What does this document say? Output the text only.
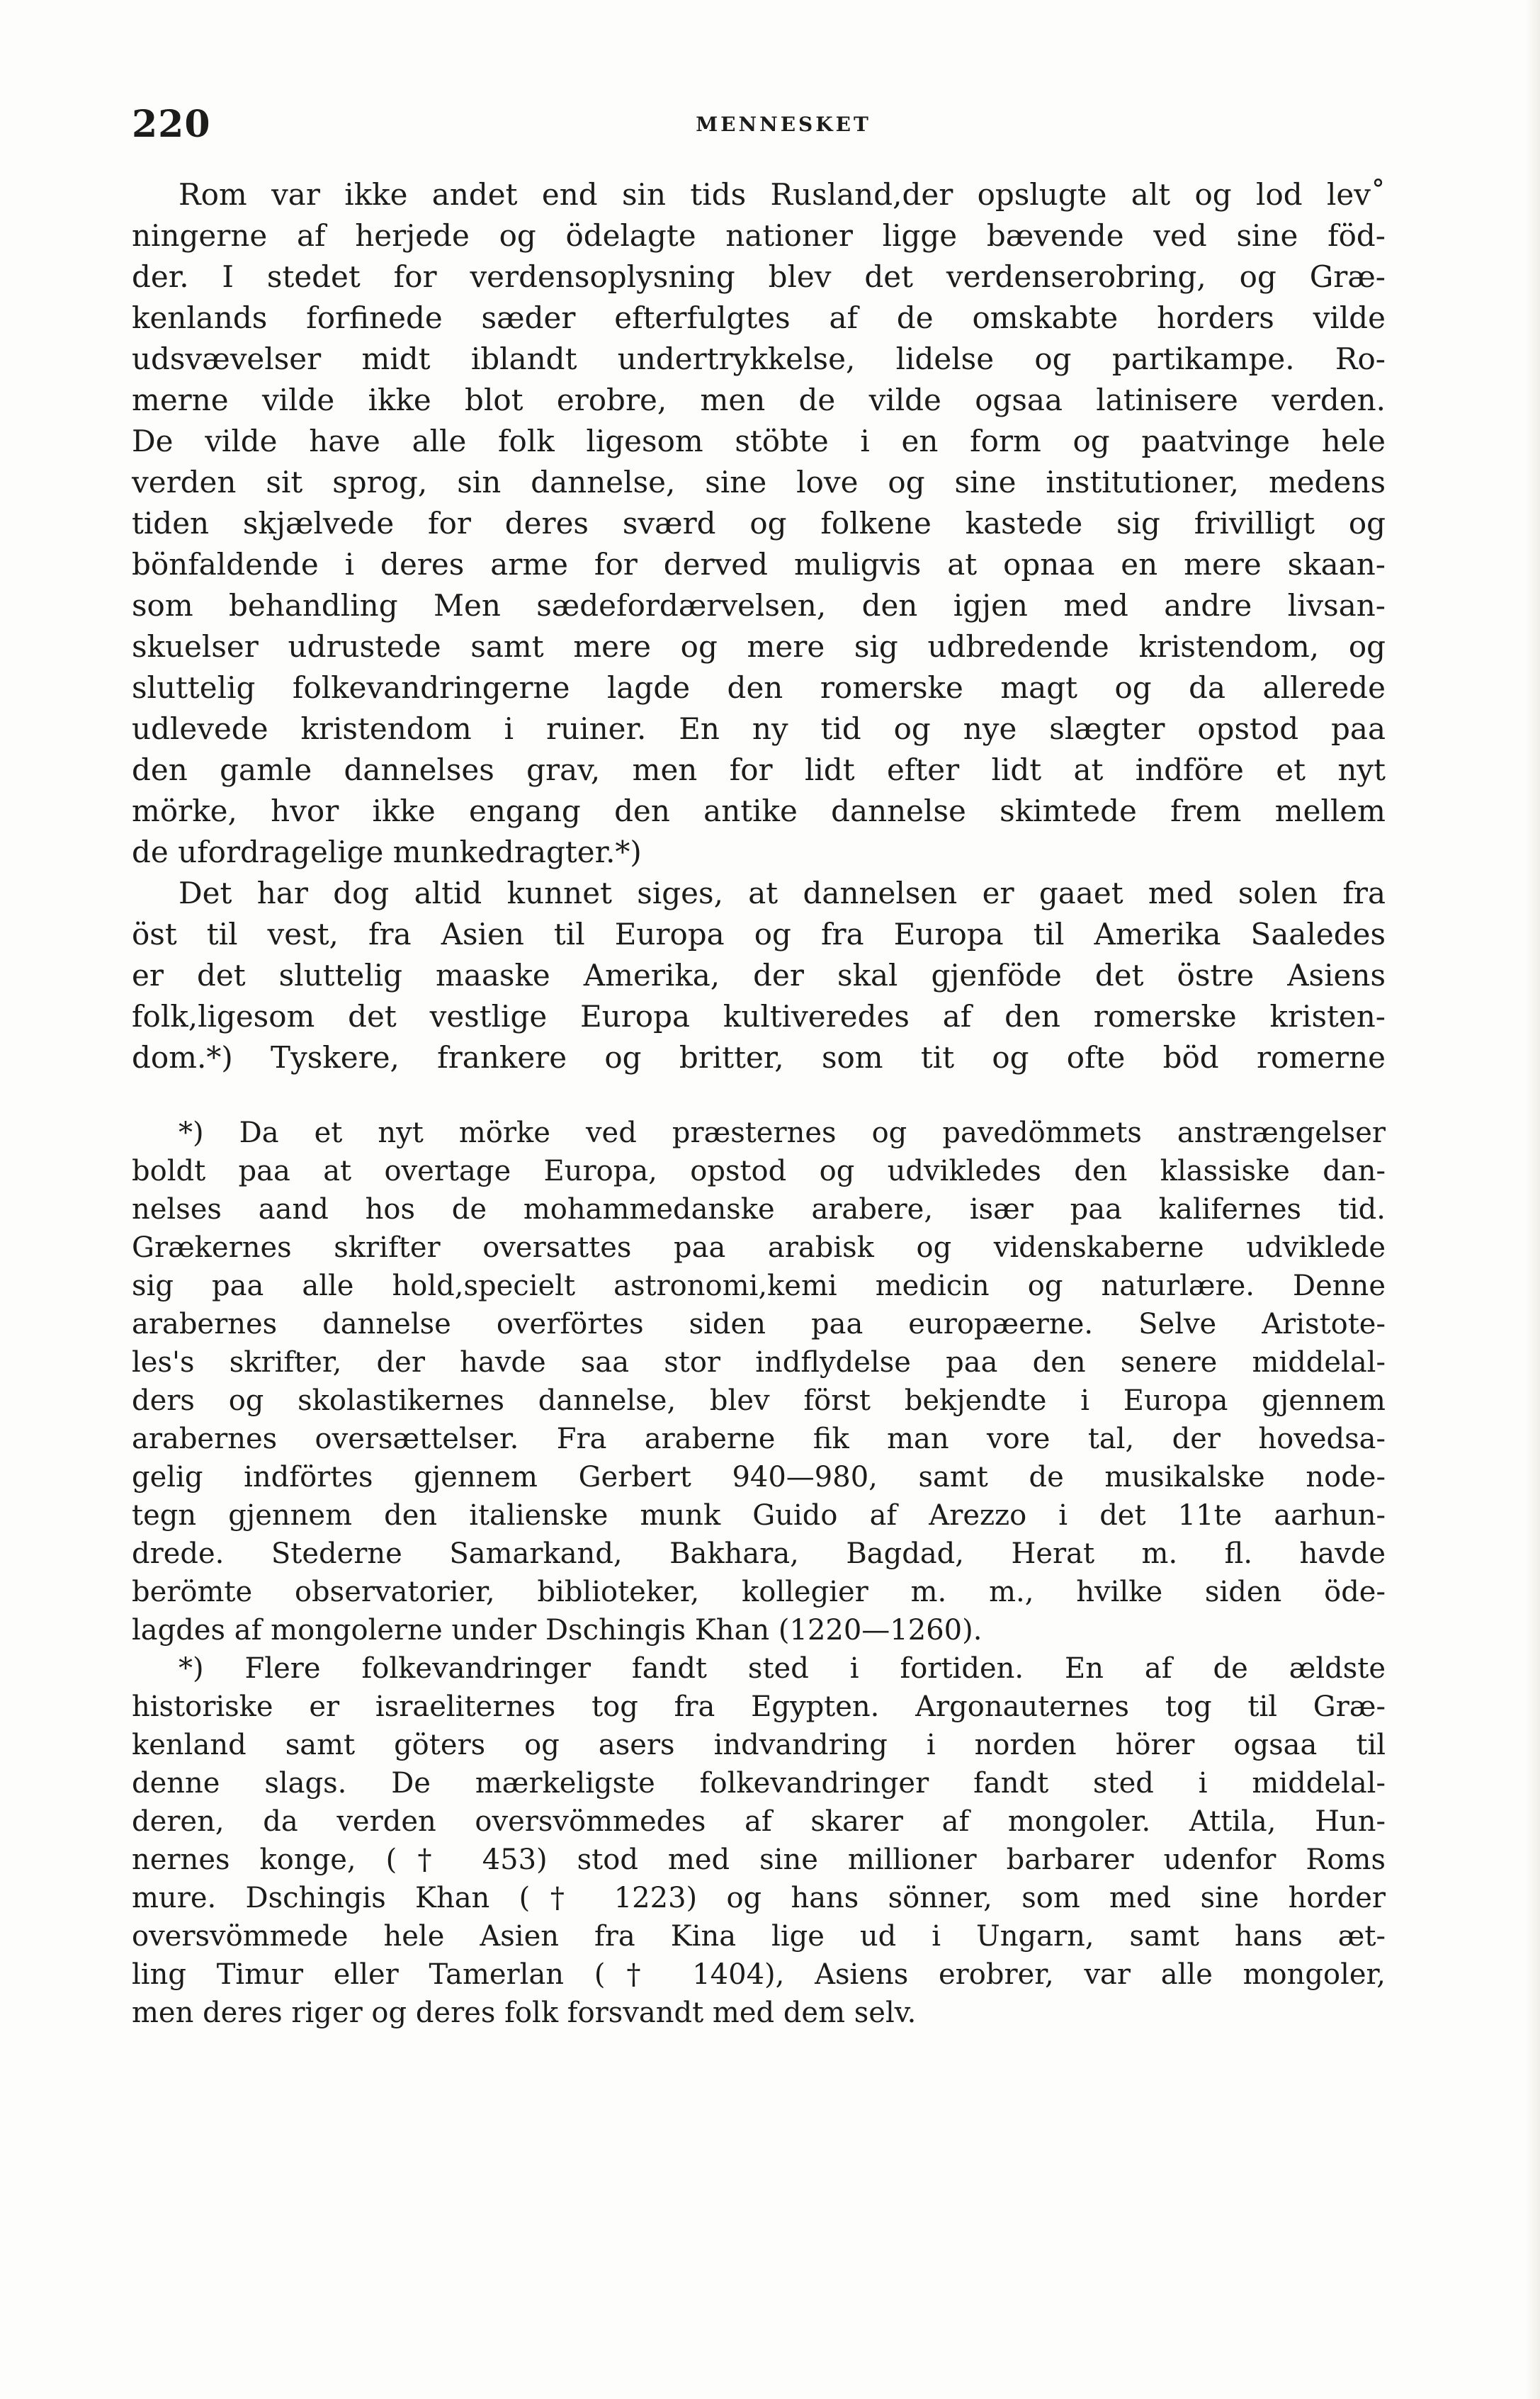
220	MENNESKET
Rom var ikke andet end sin tids Rusland,der opslugte alt og lod lev˚
ningerne af herjede og ödelagte nationer ligge bævende ved sine föd-
der. I stedet for verdensoplysning blev det verdenserobring, og Græ-
kenlands forfinede sæder efterfulgtes af de omskabte horders vilde
udsvævelser midt iblandt undertrykkelse, lidelse og partikampe. Ro-
merne vilde ikke blot erobre, men de vilde ogsaa latinisere verden.
De vilde have alle folk ligesom stöbte i en form og paatvinge hele
verden sit sprog, sin dannelse, sine love og sine institutioner, medens
tiden skjælvede for deres sværd og folkene kastede sig frivilligt og
bönfaldende i deres arme for derved muligvis at opnaa en mere skaan-
som behandling Men sædefordærvelsen, den igjen med andre livsan-
skuelser udrustede samt mere og mere sig udbredende kristendom, og
sluttelig folkevandringerne lagde den romerske magt og da allerede
udlevede kristendom i ruiner. En ny tid og nye slægter opstod paa
den gamle dannelses grav, men for lidt efter lidt at indföre et nyt
mörke, hvor ikke engang den antike dannelse skimtede frem mellem
de ufordragelige munkedragter.*)
Det har dog altid kunnet siges, at dannelsen er gaaet med solen fra
öst til vest, fra Asien til Europa og fra Europa til Amerika Saaledes
er det sluttelig maaske Amerika, der skal gjenföde det östre Asiens
folk,ligesom det vestlige Europa kultiveredes af den romerske kristen-
dom.*) Tyskere, frankere og britter, som tit og ofte böd romerne
*) Da et nyt mörke ved præsternes og pavedömmets anstrængelser
boldt paa at overtage Europa, opstod og udvikledes den klassiske dan-
nelses aand hos de mohammedanske arabere, især paa kalifernes tid.
Grækernes skrifter oversattes paa arabisk og videnskaberne udviklede
sig paa alle hold,specielt astronomi,kemi medicin og naturlære. Denne
arabernes dannelse overförtes siden paa europæerne. Selve Aristote-
les's skrifter, der havde saa stor indflydelse paa den senere middelal-
ders og skolastikernes dannelse, blev först bekjendte i Europa gjennem
arabernes oversættelser. Fra araberne fik man vore tal, der hovedsa-
gelig indförtes gjennem Gerbert 940—980, samt de musikalske node-
tegn gjennem den italienske munk Guido af Arezzo i det 11te aarhun-
drede. Stederne Samarkand, Bakhara, Bagdad, Herat m. fl. havde
berömte observatorier, biblioteker, kollegier m. m., hvilke siden öde-
lagdes af mongolerne under Dschingis Khan (1220—1260).
*) Flere folkevandringer fandt sted i fortiden. En af de ældste
historiske er israeliternes tog fra Egypten. Argonauternes tog til Græ-
kenland samt göters og asers indvandring i norden hörer ogsaa til
denne slags. De mærkeligste folkevandringer fandt sted i middelal-
deren, da verden oversvömmedes af skarer af mongoler. Attila, Hun-
nernes konge, († 453) stod med sine millioner barbarer udenfor Roms
mure. Dschingis Khan († 1223) og hans sönner, som med sine horder
oversvömmede hele Asien fra Kina lige ud i Ungarn, samt hans æt-
ling Timur eller Tamerlan († 1404), Asiens erobrer, var alle mongoler,
men deres riger og deres folk forsvandt med dem selv.
